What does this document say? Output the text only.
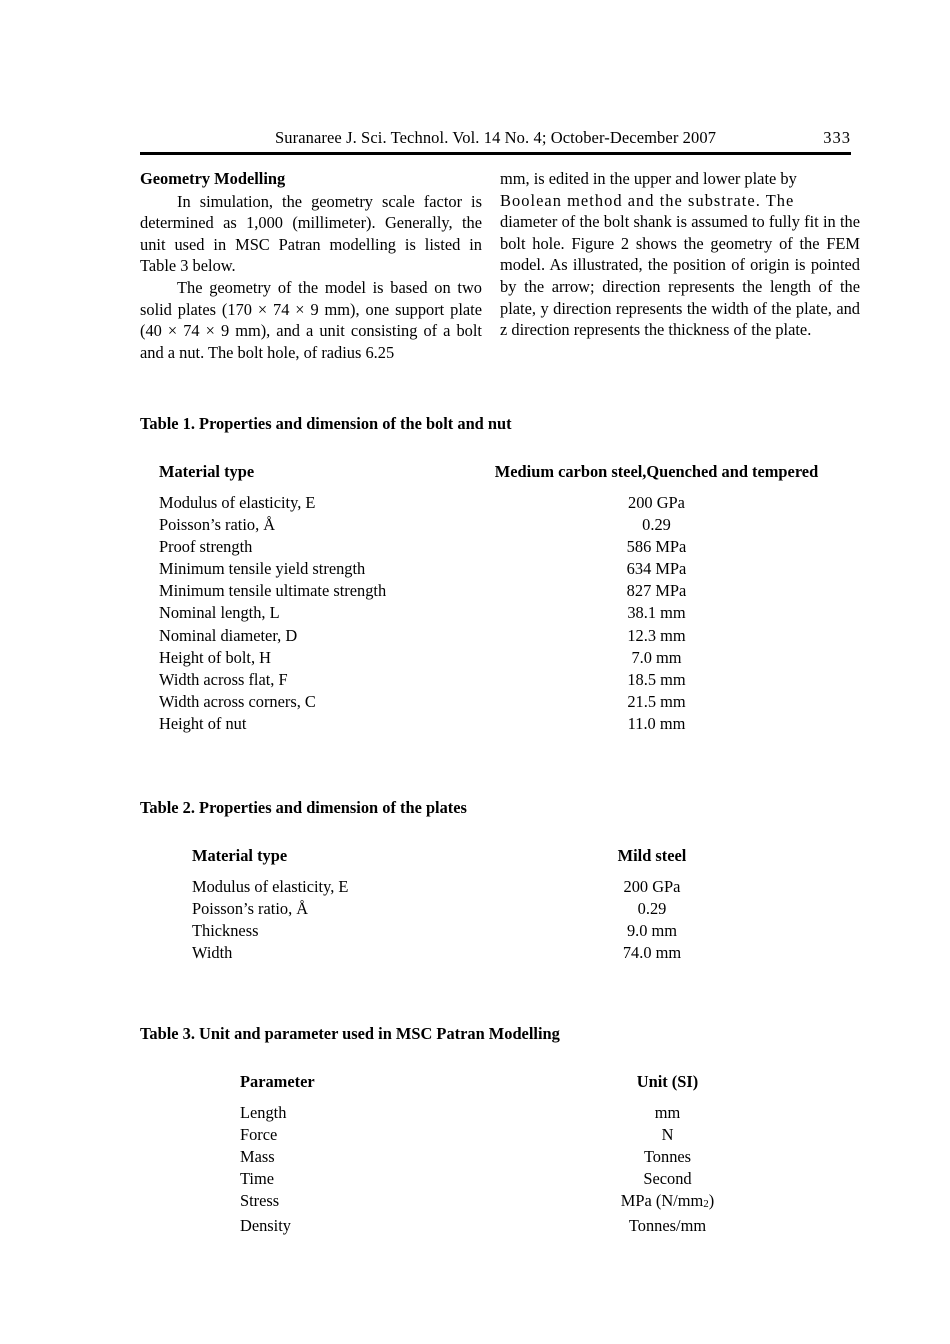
Suranaree J. Sci. Technol. Vol. 14 No. 4; October-December 2007	333
Geometry Modelling

In simulation, the geometry scale factor is determined as 1,000 (millimeter). Generally, the unit used in MSC Patran modelling is listed in Table 3 below.

The geometry of the model is based on two solid plates (170 × 74 × 9 mm), one support plate (40 × 74 × 9 mm), and a unit consisting of a bolt and a nut. The bolt hole, of radius 6.25

mm, is edited in the upper and lower plate by

Boolean method and the substrate. The

diameter of the bolt shank is assumed to fully fit in the bolt hole. Figure 2 shows the geometry of the FEM model. As illustrated, the position of origin is pointed by the arrow; direction represents the length of the plate, y direction represents the width of the plate, and z direction represents the thickness of the plate.

Table 1. Properties and dimension of the bolt and nut

Material type	Medium carbon steel,Quenched and tempered

Modulus of elasticity, E	200 GPa
Poisson’s ratio, Å	0.29
Proof strength	586 MPa
Minimum tensile yield strength	634 MPa
Minimum tensile ultimate strength	827 MPa
Nominal length, L	38.1 mm
Nominal diameter, D	12.3 mm
Height of bolt, H	7.0 mm
Width across flat, F	18.5 mm
Width across corners, C	21.5 mm
Height of nut	11.0 mm

Table 2. Properties and dimension of the plates

Material type	Mild steel

Modulus of elasticity, E	200 GPa
Poisson’s ratio, Å	0.29
Thickness	9.0 mm
Width	74.0 mm

Table 3. Unit and parameter used in MSC Patran Modelling

Parameter	Unit (SI)

Length	mm
Force	N
Mass	Tonnes
Time	Second
Stress	MPa (N/mm2)
Density	Tonnes/mm
